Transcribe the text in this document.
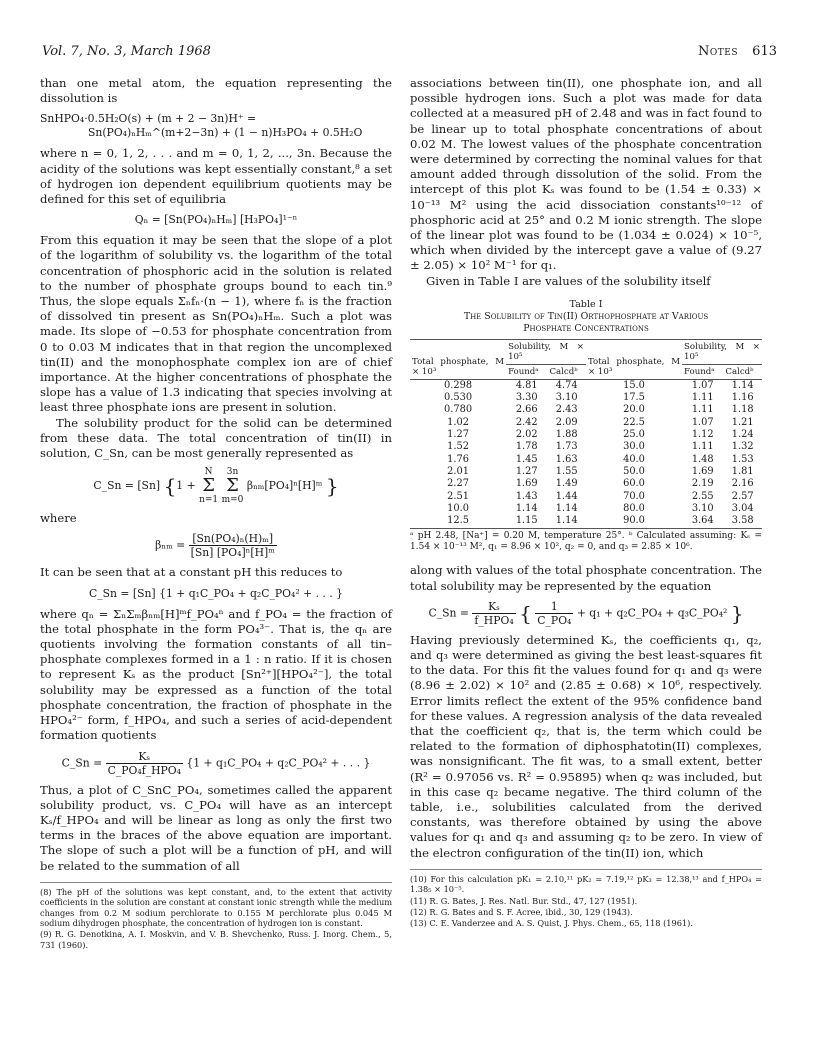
Vol. 7, No. 3, March 1968	Notes 613

than one metal atom, the equation representing the dissolution is

SnHPO₄·0.5H₂O(s) + (m + 2 − 3n)H⁺ =
Sn(PO₄)ₙHₘ^(m+2−3n) + (1 − n)H₃PO₄ + 0.5H₂O

where n = 0, 1, 2, . . . and m = 0, 1, 2, ..., 3n. Because the acidity of the solutions was kept essentially constant,⁸ a set of hydrogen ion dependent equilibrium quotients may be defined for this set of equilibria

Qₙ = [Sn(PO₄)ₙHₘ] [H₃PO₄]¹⁻ⁿ

From this equation it may be seen that the slope of a plot of the logarithm of solubility vs. the logarithm of the total concentration of phosphoric acid in the solution is related to the number of phosphate groups bound to each tin.⁹ Thus, the slope equals Σₙfₙ·(n − 1), where fₙ is the fraction of dissolved tin present as Sn(PO₄)ₙHₘ. Such a plot was made. Its slope of −0.53 for phosphate concentration from 0 to 0.03 M indicates that in that region the uncomplexed tin(II) and the monophosphate complex ion are of chief importance. At the higher concentrations of phosphate the slope has a value of 1.3 indicating that species involving at least three phosphate ions are present in solution.

The solubility product for the solid can be determined from these data. The total concentration of tin(II) in solution, C_Sn, can be most generally represented as

C_Sn = [Sn] {1 + N
Σ
n=1 3n
Σ
m=0 βₙₘ[PO₄]ⁿ[H]ᵐ }

where

$\beta_{nm} = \frac{\text{[Sn(PO₄)ₙ(H)ₘ]}}{\text{[Sn] [PO₄]ⁿ[H]ᵐ}}$

It can be seen that at a constant pH this reduces to

C_Sn = [Sn] {1 + q₁C_PO₄ + q₂C_PO₄² + . . . }

where qₙ = ΣₙΣₘβₙₘ[H]ᵐf_PO₄ⁿ and f_PO₄ = the fraction of the total phosphate in the form PO₄³⁻. That is, the qₙ are quotients involving the formation constants of all tin–phosphate complexes formed in a 1 : n ratio. If it is chosen to represent Kₛ as the product [Sn²⁺][HPO₄²⁻], the total solubility may be expressed as a function of the total phosphate concentration, the fraction of phosphate in the HPO₄²⁻ form, f_HPO₄, and such a series of acid-dependent formation quotients

C_Sn = $\frac{\text{Kₛ}}{\text{C\_PO₄f\_HPO₄}} \{1$ + q₁C_PO₄ + q₂C_PO₄² + . . . }

Thus, a plot of C_SnC_PO₄, sometimes called the apparent solubility product, vs. C_PO₄ will have as an intercept Kₛ/f_HPO₄ and will be linear as long as only the first two terms in the braces of the above equation are important. The slope of such a plot will be a function of pH, and will be related to the summation of all

(8) The pH of the solutions was kept constant, and, to the extent that activity coefficients in the solution are constant at constant ionic strength while the medium changes from 0.2 M sodium perchlorate to 0.155 M perchlorate plus 0.045 M sodium dihydrogen phosphate, the concentration of hydrogen ion is constant.

(9) R. G. Denotkina, A. I. Moskvin, and V. B. Shevchenko, Russ. J. Inorg. Chem., 5, 731 (1960).

associations between tin(II), one phosphate ion, and all possible hydrogen ions. Such a plot was made for data collected at a measured pH of 2.48 and was in fact found to be linear up to total phosphate concentrations of about 0.02 M. The lowest values of the phosphate concentration were determined by correcting the nominal values for that amount added through dissolution of the solid. From the intercept of this plot Kₛ was found to be (1.54 ± 0.33) × 10⁻¹³ M² using the acid dissociation constants¹⁰⁻¹² of phosphoric acid at 25° and 0.2 M ionic strength. The slope of the linear plot was found to be (1.034 ± 0.024) × 10⁻⁵, which when divided by the intercept gave a value of (9.27 ± 2.05) × 10² M⁻¹ for q₁.

Given in Table I are values of the solubility itself

Table I
The Solubility of Tin(II) Orthophosphate at Various
Phosphate Concentrations
Total phosphate, M × 10³	Solubility, M × 10⁵		Total phosphate, M × 10³	Solubility, M × 10⁵	
	Foundᵃ	Calcdᵇ		Foundᵃ	Calcdᵇ
0.298	4.81	4.74	15.0	1.07	1.14
0.530	3.30	3.10	17.5	1.11	1.16
0.780	2.66	2.43	20.0	1.11	1.18
1.02	2.42	2.09	22.5	1.07	1.21
1.27	2.02	1.88	25.0	1.12	1.24
1.52	1.78	1.73	30.0	1.11	1.32
1.76	1.45	1.63	40.0	1.48	1.53
2.01	1.27	1.55	50.0	1.69	1.81
2.27	1.69	1.49	60.0	2.19	2.16
2.51	1.43	1.44	70.0	2.55	2.57
10.0	1.14	1.14	80.0	3.10	3.04
12.5	1.15	1.14	90.0	3.64	3.58
ᵃ pH 2.48, [Na⁺] = 0.20 M, temperature 25°. ᵇ Calculated assuming: Kₛ = 1.54 × 10⁻¹³ M², q₁ = 8.96 × 10², q₂ = 0, and q₃ = 2.85 × 10⁶.

along with values of the total phosphate concentration. The total solubility may be represented by the equation

C_Sn = $\frac{\text{Kₛ}}{\text{f\_HPO₄}}$ { $\frac{1}{\text{C\_PO₄}} + q_1$ + q₂C_PO₄ + q₃C_PO₄² }

Having previously determined Kₛ, the coefficients q₁, q₂, and q₃ were determined as giving the best least-squares fit to the data. For this fit the values found for q₁ and q₃ were (8.96 ± 2.02) × 10² and (2.85 ± 0.68) × 10⁶, respectively. Error limits reflect the extent of the 95% confidence band for these values. A regression analysis of the data revealed that the coefficient q₂, that is, the term which could be related to the formation of diphosphatotin(II) complexes, was nonsignificant. The fit was, to a small extent, better (R² = 0.97056 vs. R² = 0.95895) when q₂ was included, but in this case q₂ became negative. The third column of the table, i.e., solubilities calculated from the derived constants, was therefore obtained by using the above values for q₁ and q₃ and assuming q₂ to be zero. In view of the electron configuration of the tin(II) ion, which

(10) For this calculation pK₁ = 2.10,¹¹ pK₂ = 7.19,¹² pK₃ = 12.38,¹³ and f_HPO₄ = 1.38₅ × 10⁻⁵.

(11) R. G. Bates, J. Res. Natl. Bur. Std., 47, 127 (1951).

(12) R. G. Bates and S. F. Acree, ibid., 30, 129 (1943).

(13) C. E. Vanderzee and A. S. Quist, J. Phys. Chem., 65, 118 (1961).
